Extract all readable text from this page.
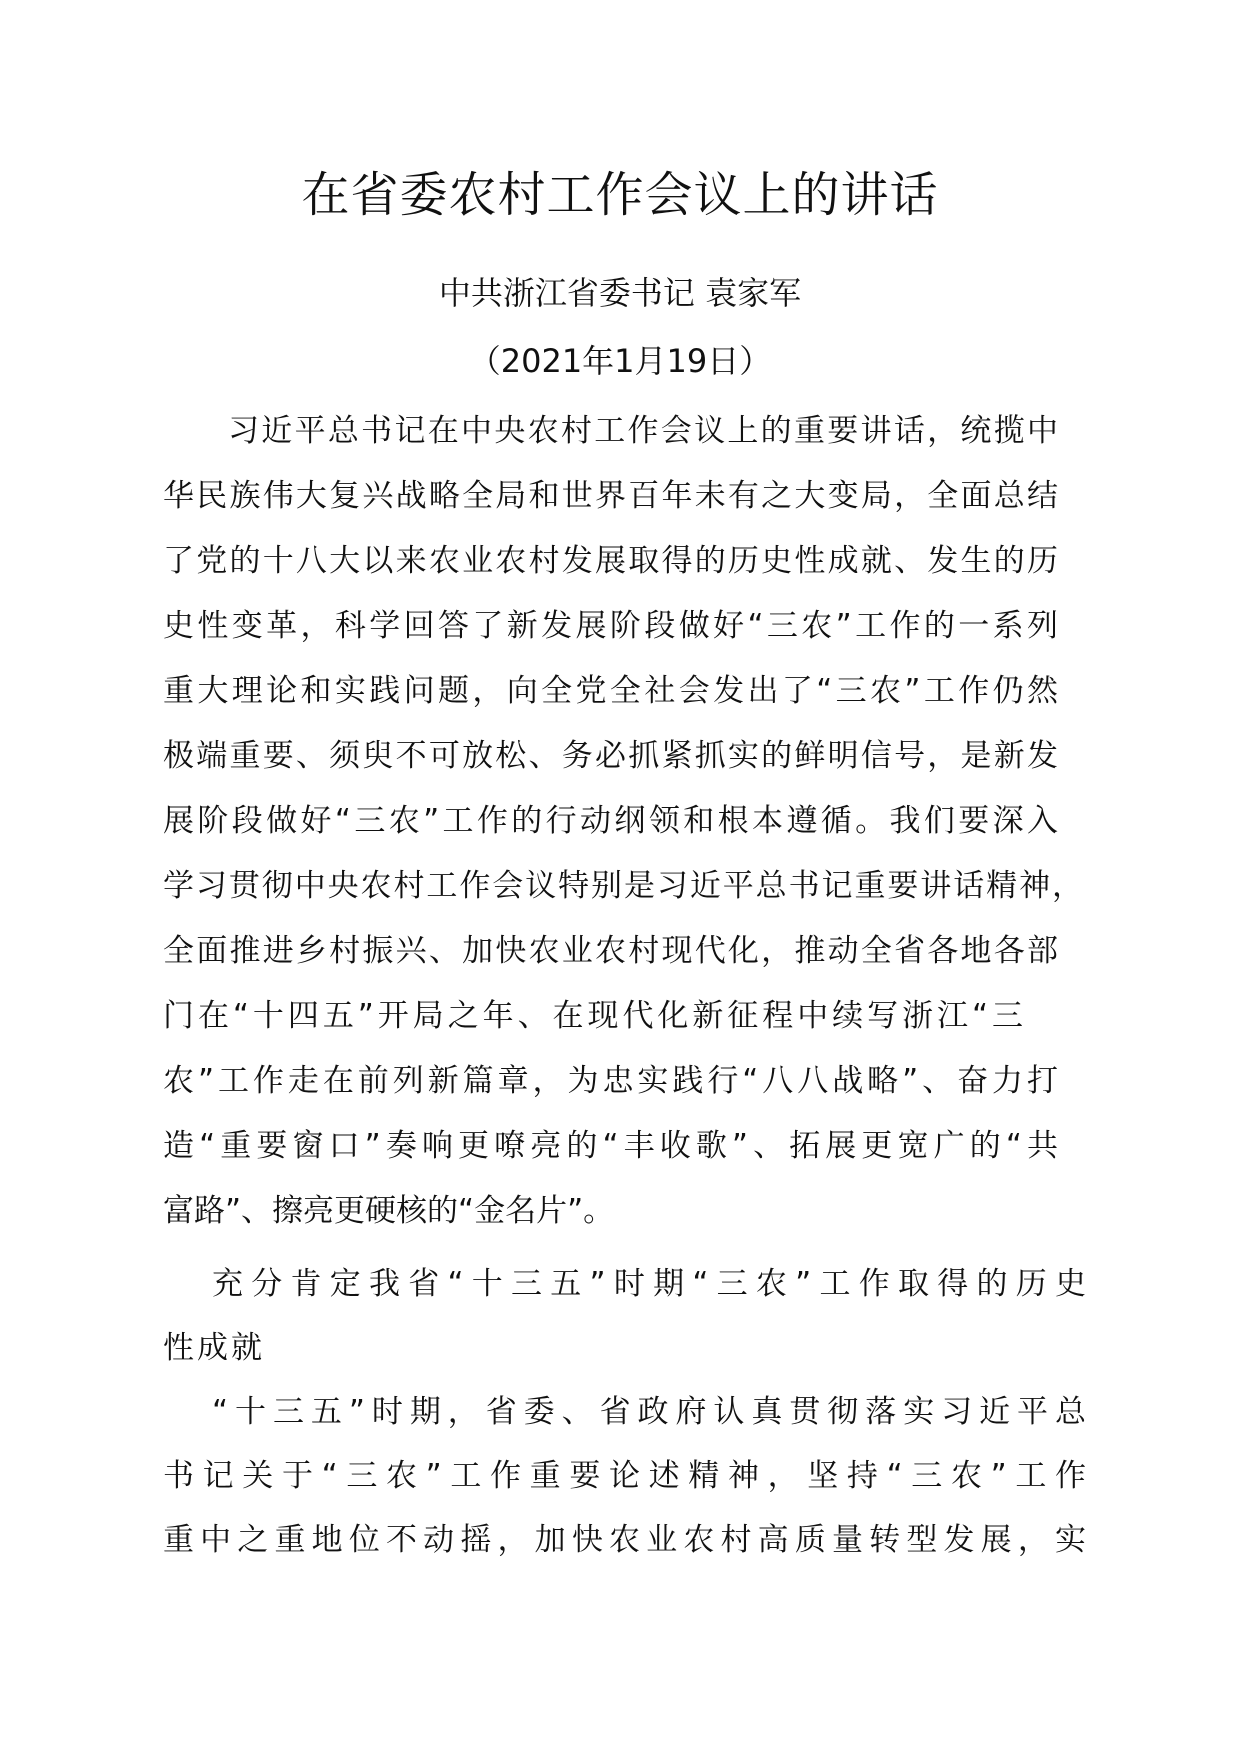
在省委农村工作会议上的讲话
中共浙江省委书记 袁家军
（2021年1月19日）
习近平总书记在中央农村工作会议上的重要讲话，统揽中
华民族伟大复兴战略全局和世界百年未有之大变局，全面总结
了党的十八大以来农业农村发展取得的历史性成就、发生的历
史性变革，科学回答了新发展阶段做好“三农”工作的一系列
重大理论和实践问题，向全党全社会发出了“三农”工作仍然
极端重要、须臾不可放松、务必抓紧抓实的鲜明信号，是新发
展阶段做好“三农”工作的行动纲领和根本遵循。我们要深入
学习贯彻中央农村工作会议特别是习近平总书记重要讲话精神，
全面推进乡村振兴、加快农业农村现代化，推动全省各地各部
门在“十四五”开局之年、在现代化新征程中续写浙江“三
农”工作走在前列新篇章，为忠实践行“八八战略”、奋力打
造“重要窗口”奏响更嘹亮的“丰收歌”、拓展更宽广的“共
富路”、擦亮更硬核的“金名片”。
充分肯定我省“十三五”时期“三农”工作取得的历史
性成就
“十三五”时期，省委、省政府认真贯彻落实习近平总
书记关于“三农”工作重要论述精神，坚持“三农”工作
重中之重地位不动摇，加快农业农村高质量转型发展，实
